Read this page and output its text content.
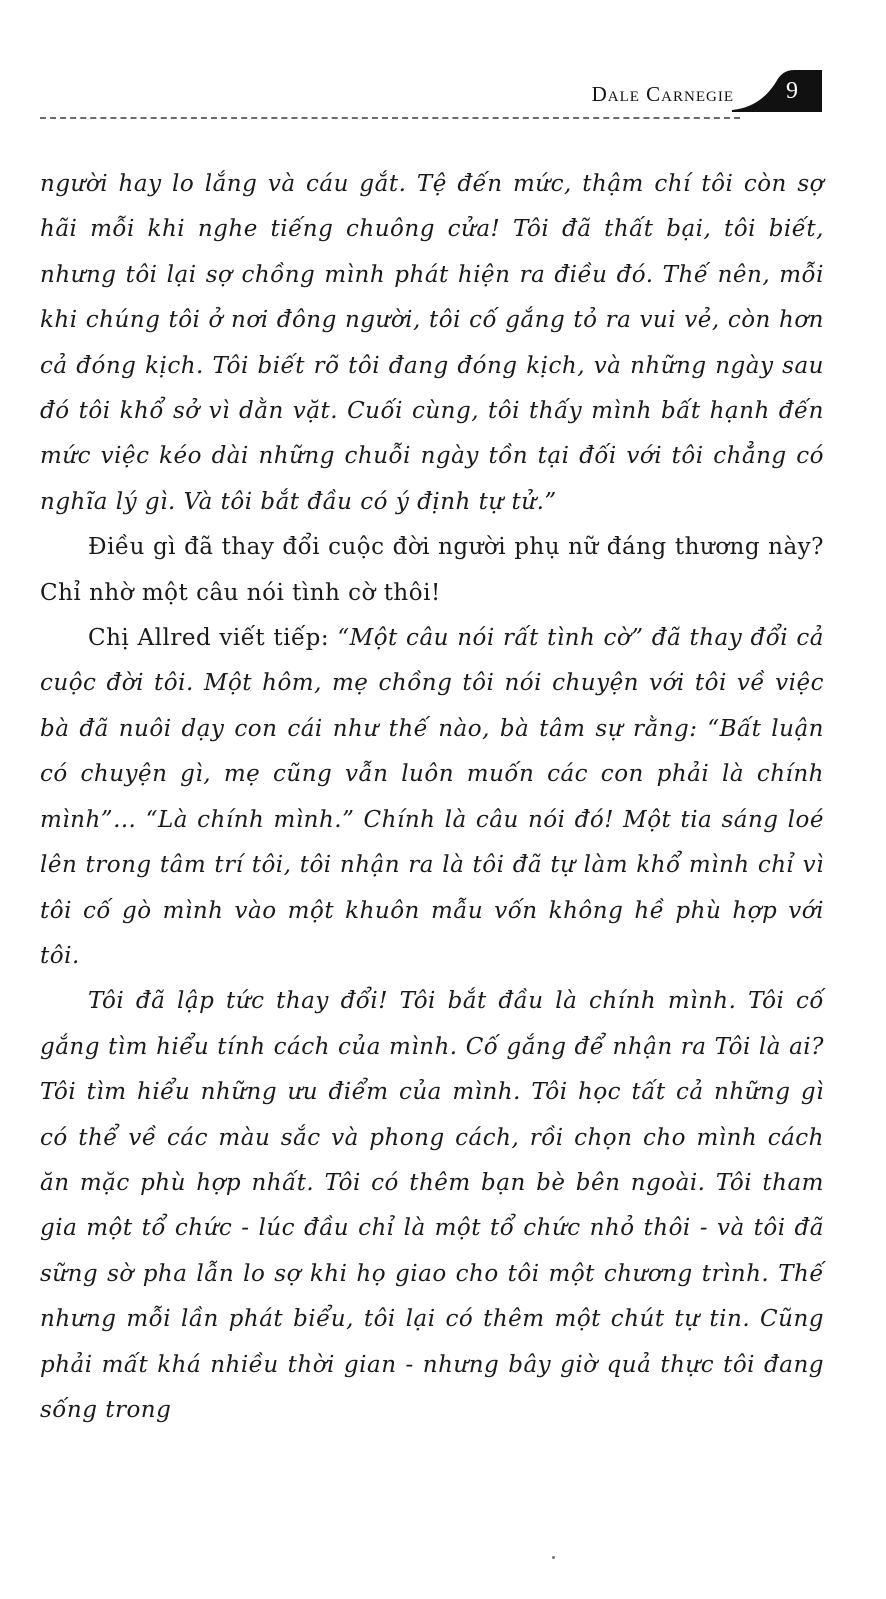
Dale Carnegie 9

người hay lo lắng và cáu gắt. Tệ đến mức, thậm chí tôi còn sợ hãi mỗi khi nghe tiếng chuông cửa! Tôi đã thất bại, tôi biết, nhưng tôi lại sợ chồng mình phát hiện ra điều đó. Thế nên, mỗi khi chúng tôi ở nơi đông người, tôi cố gắng tỏ ra vui vẻ, còn hơn cả đóng kịch. Tôi biết rõ tôi đang đóng kịch, và những ngày sau đó tôi khổ sở vì dằn vặt. Cuối cùng, tôi thấy mình bất hạnh đến mức việc kéo dài những chuỗi ngày tồn tại đối với tôi chẳng có nghĩa lý gì. Và tôi bắt đầu có ý định tự tử.”

Điều gì đã thay đổi cuộc đời người phụ nữ đáng thương này? Chỉ nhờ một câu nói tình cờ thôi!

Chị Allred viết tiếp: “Một câu nói rất tình cờ” đã thay đổi cả cuộc đời tôi. Một hôm, mẹ chồng tôi nói chuyện với tôi về việc bà đã nuôi dạy con cái như thế nào, bà tâm sự rằng: “Bất luận có chuyện gì, mẹ cũng vẫn luôn muốn các con phải là chính mình”… “Là chính mình.” Chính là câu nói đó! Một tia sáng loé lên trong tâm trí tôi, tôi nhận ra là tôi đã tự làm khổ mình chỉ vì tôi cố gò mình vào một khuôn mẫu vốn không hề phù hợp với tôi.

Tôi đã lập tức thay đổi! Tôi bắt đầu là chính mình. Tôi cố gắng tìm hiểu tính cách của mình. Cố gắng để nhận ra Tôi là ai? Tôi tìm hiểu những ưu điểm của mình. Tôi học tất cả những gì có thể về các màu sắc và phong cách, rồi chọn cho mình cách ăn mặc phù hợp nhất. Tôi có thêm bạn bè bên ngoài. Tôi tham gia một tổ chức - lúc đầu chỉ là một tổ chức nhỏ thôi - và tôi đã sững sờ pha lẫn lo sợ khi họ giao cho tôi một chương trình. Thế nhưng mỗi lần phát biểu, tôi lại có thêm một chút tự tin. Cũng phải mất khá nhiều thời gian - nhưng bây giờ quả thực tôi đang sống trong
